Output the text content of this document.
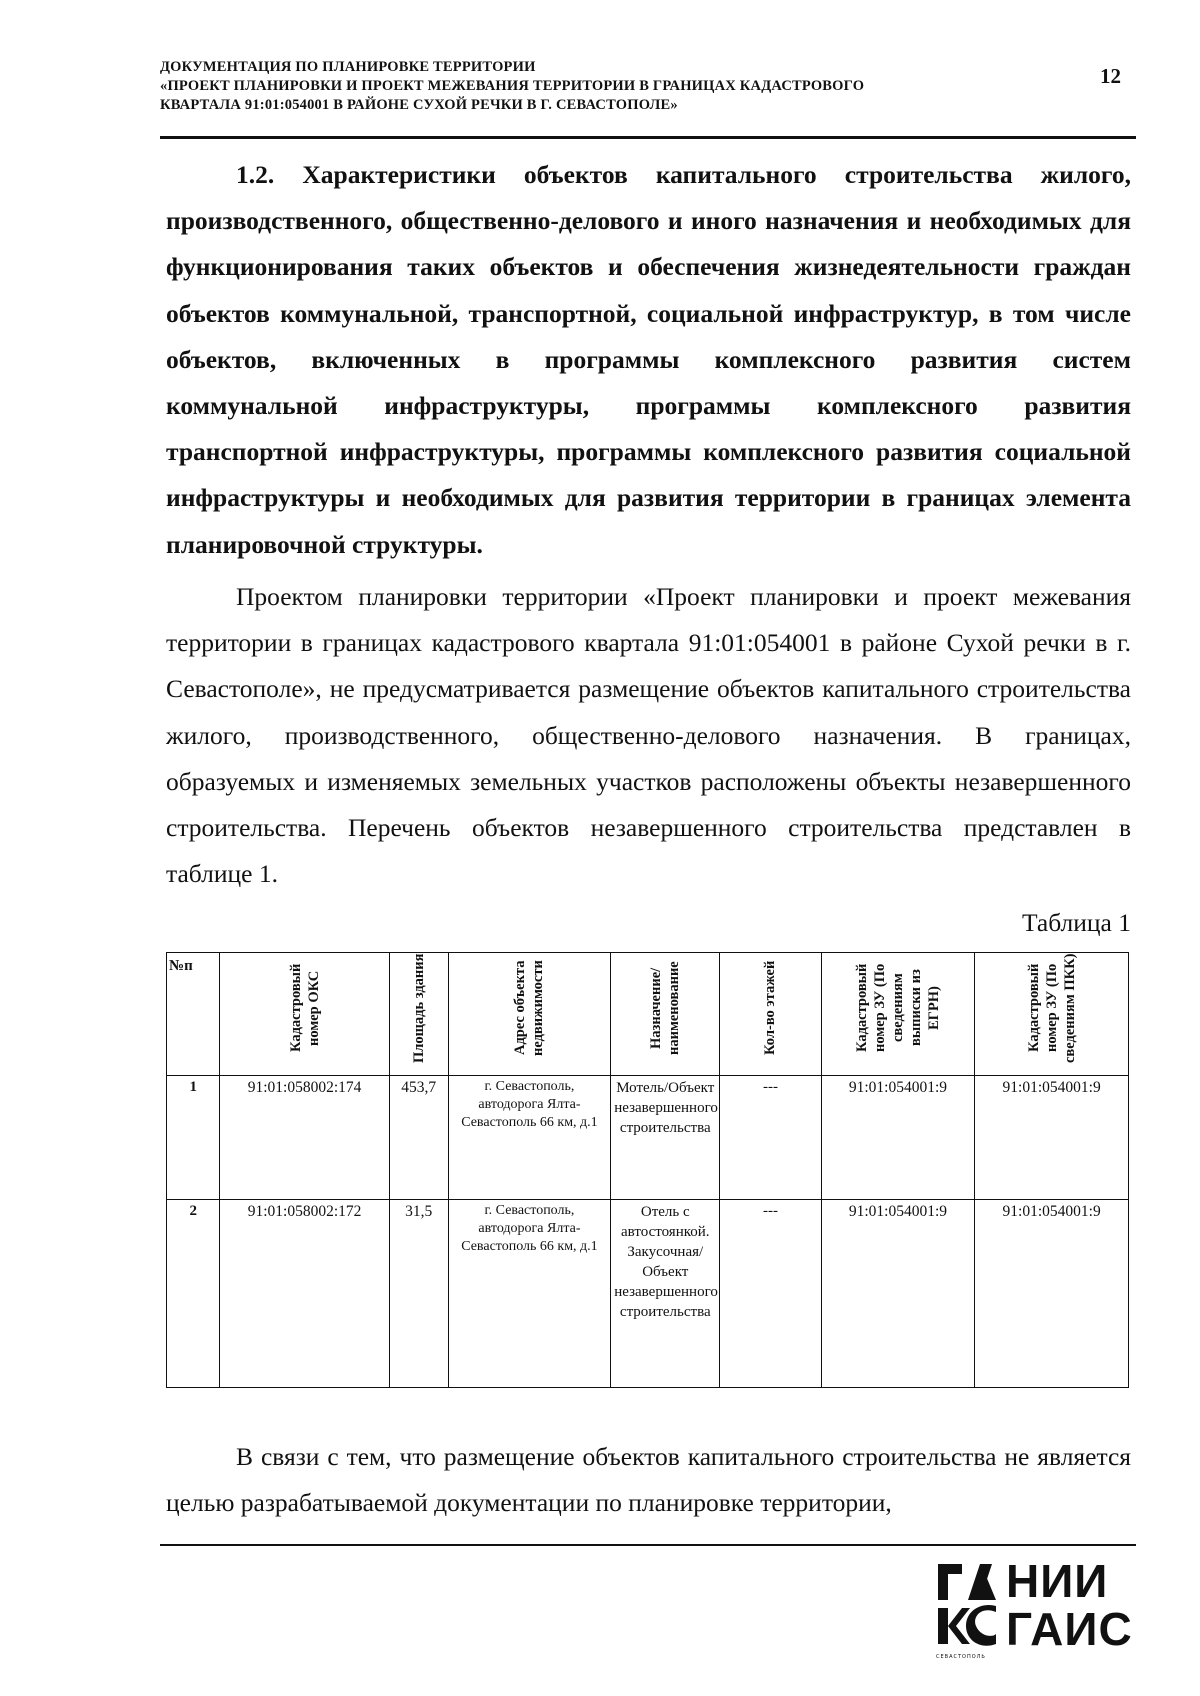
ДОКУМЕНТАЦИЯ ПО ПЛАНИРОВКЕ ТЕРРИТОРИИ
«ПРОЕКТ ПЛАНИРОВКИ И ПРОЕКТ МЕЖЕВАНИЯ ТЕРРИТОРИИ В ГРАНИЦАХ КАДАСТРОВОГО
КВАРТАЛА 91:01:054001 В РАЙОНЕ СУХОЙ РЕЧКИ В Г. СЕВАСТОПОЛЕ»
12

1.2. Характеристики объектов капитального строительства жилого, производственного, общественно-делового и иного назначения и необходимых для функционирования таких объектов и обеспечения жизнедеятельности граждан объектов коммунальной, транспортной, социальной инфраструктур, в том числе объектов, включенных в программы комплексного развития систем коммунальной инфраструктуры, программы комплексного развития транспортной инфраструктуры, программы комплексного развития социальной инфраструктуры и необходимых для развития территории в границах элемента планировочной структуры.

Проектом планировки территории «Проект планировки и проект межевания территории в границах кадастрового квартала 91:01:054001 в районе Сухой речки в г. Севастополе», не предусматривается размещение объектов капитального строительства жилого, производственного, общественно-делового назначения. В границах, образуемых и изменяемых земельных участков расположены объекты незавершенного строительства. Перечень объектов незавершенного строительства представлен в таблице 1.

Таблица 1
№п	Кадастровый номер ОКС	Площадь здания	Адрес объекта недвижимости	Назначение/ наименование	Кол-во этажей	Кадастровый номер ЗУ (По сведениям выписки из ЕГРН)	Кадастровый номер ЗУ (По сведениям ПКК)

1	91:01:058002:174	453,7	г. Севастополь, автодорога Ялта-Севастополь 66 км, д.1	Мотель/Объект незавершенного строительства	---	91:01:054001:9	91:01:054001:9
2	91:01:058002:172	31,5	г. Севастополь, автодорога Ялта-Севастополь 66 км, д.1	Отель с автостоянкой. Закусочная/ Объект незавершенного строительства	---	91:01:054001:9	91:01:054001:9

В связи с тем, что размещение объектов капитального строительства не является целью разрабатываемой документации по планировке территории,

НИИ
ГАИС
СЕВАСТОПОЛЬ
